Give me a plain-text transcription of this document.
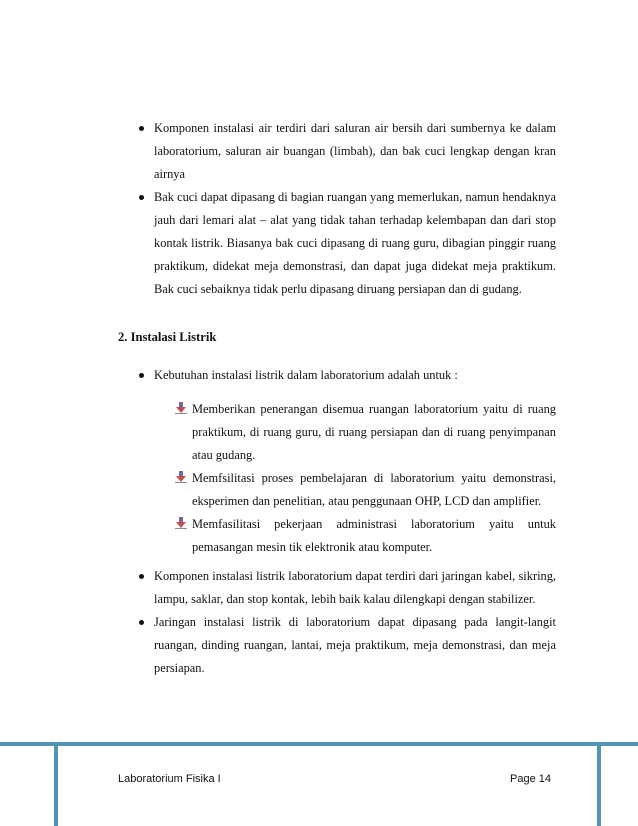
Komponen instalasi air terdiri dari saluran air bersih dari sumbernya ke dalam laboratorium, saluran air buangan (limbah), dan bak cuci lengkap dengan kran airnya
Bak cuci dapat dipasang di bagian ruangan yang memerlukan, namun hendaknya jauh dari lemari alat – alat yang tidak tahan terhadap kelembapan dan dari stop kontak listrik. Biasanya bak cuci dipasang di ruang guru, dibagian pinggir ruang praktikum, didekat meja demonstrasi, dan dapat juga didekat meja praktikum. Bak cuci sebaiknya tidak perlu dipasang diruang persiapan dan di gudang.
2. Instalasi Listrik
Kebutuhan instalasi listrik dalam laboratorium adalah untuk :
Memberikan penerangan disemua ruangan laboratorium yaitu di ruang praktikum, di ruang guru, di ruang persiapan dan di ruang penyimpanan atau gudang.
Memfsilitasi proses pembelajaran di laboratorium yaitu demonstrasi, eksperimen dan penelitian, atau penggunaan OHP, LCD dan amplifier.
Memfasilitasi pekerjaan administrasi laboratorium yaitu untuk pemasangan mesin tik elektronik atau komputer.
Komponen instalasi listrik laboratorium dapat terdiri dari jaringan kabel, sikring, lampu, saklar, dan stop kontak, lebih baik kalau dilengkapi dengan stabilizer.
Jaringan instalasi listrik di laboratorium dapat dipasang pada langit-langit ruangan, dinding ruangan, lantai, meja praktikum, meja demonstrasi, dan meja persiapan.
Laboratorium Fisika I	Page 14
